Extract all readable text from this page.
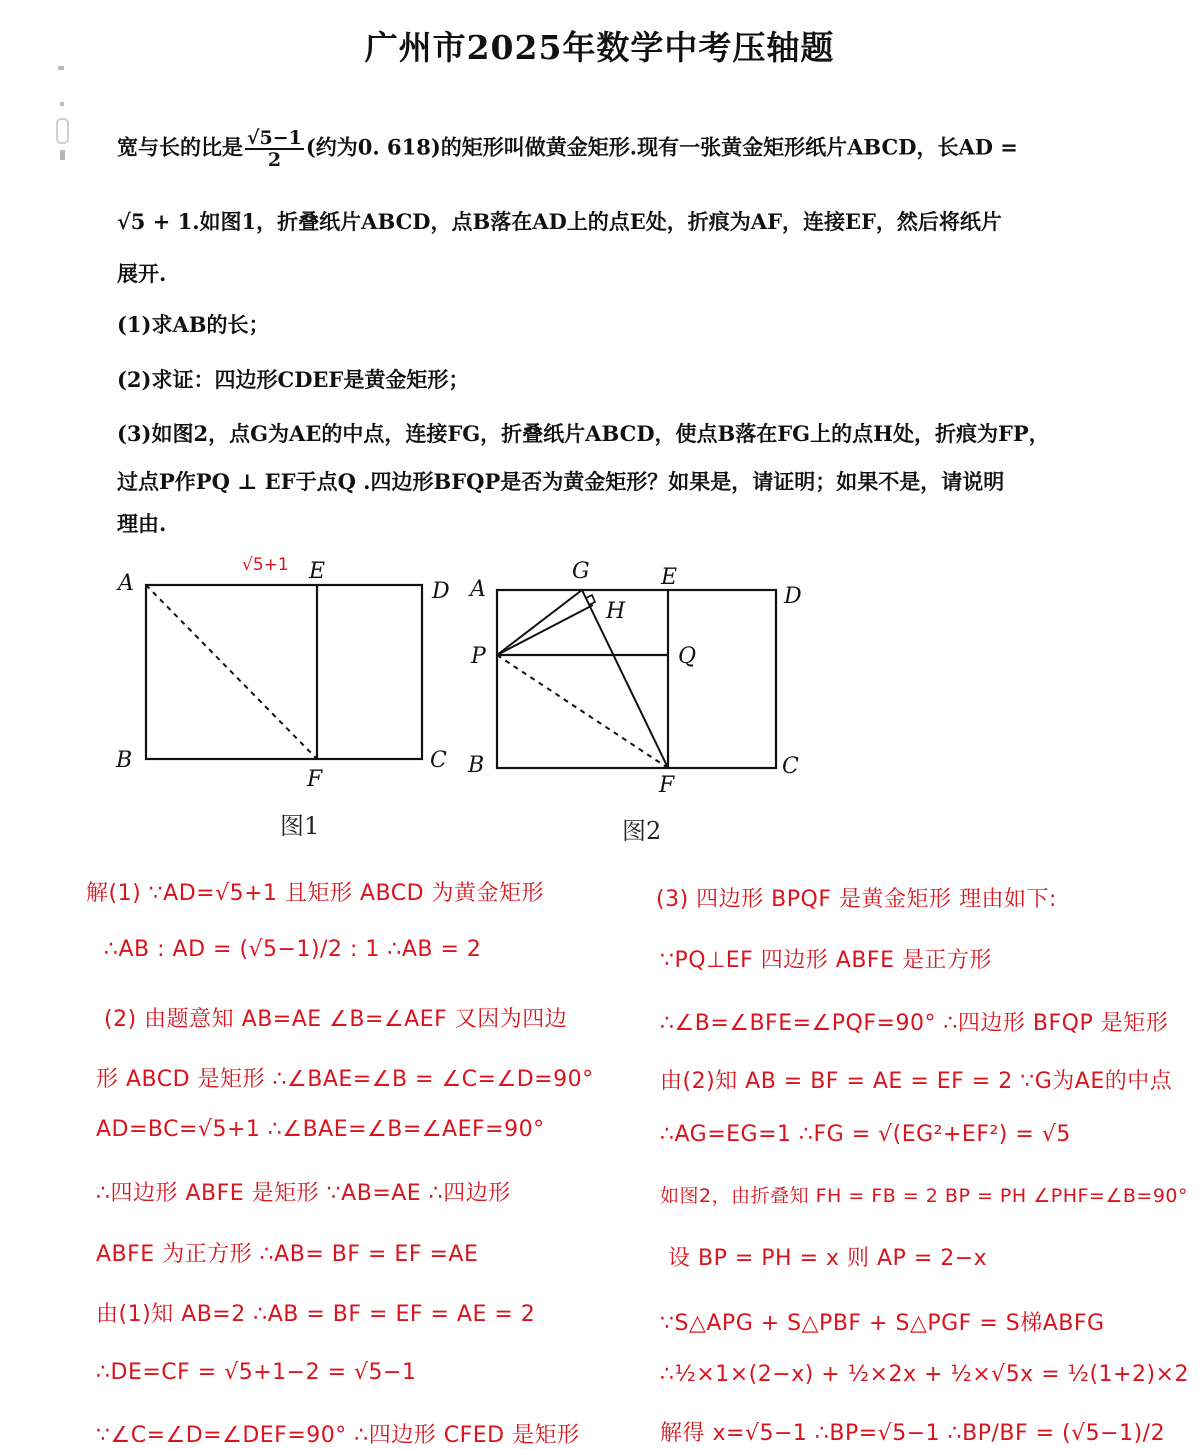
广州市2025年数学中考压轴题
宽与长的比是 $\frac{√5-1}{2}$ (约为0. 618)的矩形叫做黄金矩形.现有一张黄金矩形纸片ABCD，长AD =
√5 + 1.如图1，折叠纸片ABCD，点B落在AD上的点E处，折痕为AF，连接EF，然后将纸片
展开.
(1)求AB的长；
(2)求证：四边形CDEF是黄金矩形；
(3)如图2，点G为AE的中点，连接FG，折叠纸片ABCD，使点B落在FG上的点H处，折痕为FP，
过点P作PQ ⊥ EF于点Q .四边形BFQP是否为黄金矩形？如果是，请证明；如果不是，请说明
理由.
A	E
D
B
F
C
√5+1
图1
A
G	E
D
H
P	Q
B
F
C
图2
解(1) ∵AD=√5+1 且矩形 ABCD 为黄金矩形
∴AB : AD = (√5−1)/2 : 1 ∴AB = 2
(2) 由题意知 AB=AE ∠B=∠AEF 又因为四边
形 ABCD 是矩形 ∴∠BAE=∠B = ∠C=∠D=90°
AD=BC=√5+1 ∴∠BAE=∠B=∠AEF=90°
∴四边形 ABFE 是矩形 ∵AB=AE ∴四边形
ABFE 为正方形 ∴AB= BF = EF =AE
由(1)知 AB=2 ∴AB = BF = EF = AE = 2
∴DE=CF = √5+1−2 = √5−1
∵∠C=∠D=∠DEF=90° ∴四边形 CFED 是矩形
(3) 四边形 BPQF 是黄金矩形 理由如下:
∵PQ⊥EF 四边形 ABFE 是正方形
∴∠B=∠BFE=∠PQF=90° ∴四边形 BFQP 是矩形
由(2)知 AB = BF = AE = EF = 2 ∵G为AE的中点
∴AG=EG=1 ∴FG = √(EG²+EF²) = √5
如图2，由折叠知 FH = FB = 2 BP = PH ∠PHF=∠B=90°
设 BP = PH = x 则 AP = 2−x
∵S△APG + S△PBF + S△PGF = S梯ABFG
∴½×1×(2−x) + ½×2x + ½×√5x = ½(1+2)×2
解得 x=√5−1 ∴BP=√5−1 ∴BP/BF = (√5−1)/2
